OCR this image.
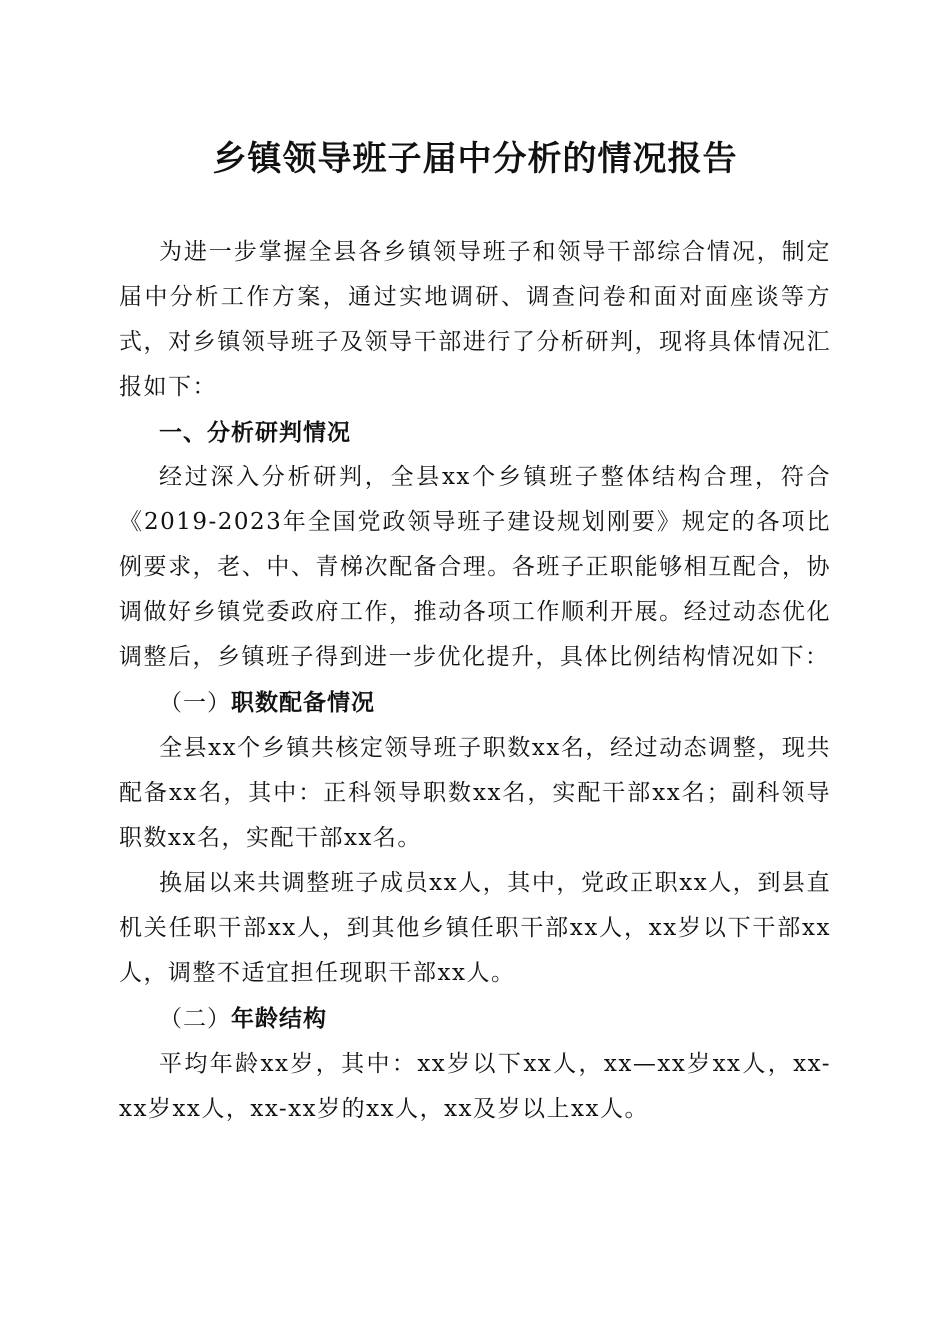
乡镇领导班子届中分析的情况报告

为进一步掌握全县各乡镇领导班子和领导干部综合情况，制定届中分析工作方案，通过实地调研、调查问卷和面对面座谈等方式，对乡镇领导班子及领导干部进行了分析研判，现将具体情况汇报如下：

一、分析研判情况

经过深入分析研判，全县xx个乡镇班子整体结构合理，符合《2019-2023年全国党政领导班子建设规划刚要》规定的各项比例要求，老、中、青梯次配备合理。各班子正职能够相互配合，协调做好乡镇党委政府工作，推动各项工作顺利开展。经过动态优化调整后，乡镇班子得到进一步优化提升，具体比例结构情况如下：

（一）职数配备情况

全县xx个乡镇共核定领导班子职数xx名，经过动态调整，现共配备xx名，其中：正科领导职数xx名，实配干部xx名；副科领导职数xx名，实配干部xx名。

换届以来共调整班子成员xx人，其中，党政正职xx人，到县直机关任职干部xx人，到其他乡镇任职干部xx人，xx岁以下干部xx人，调整不适宜担任现职干部xx人。

（二）年龄结构

平均年龄xx岁，其中：xx岁以下xx人，xx—xx岁xx人，xx-xx岁xx人，xx-xx岁的xx人，xx及岁以上xx人。
